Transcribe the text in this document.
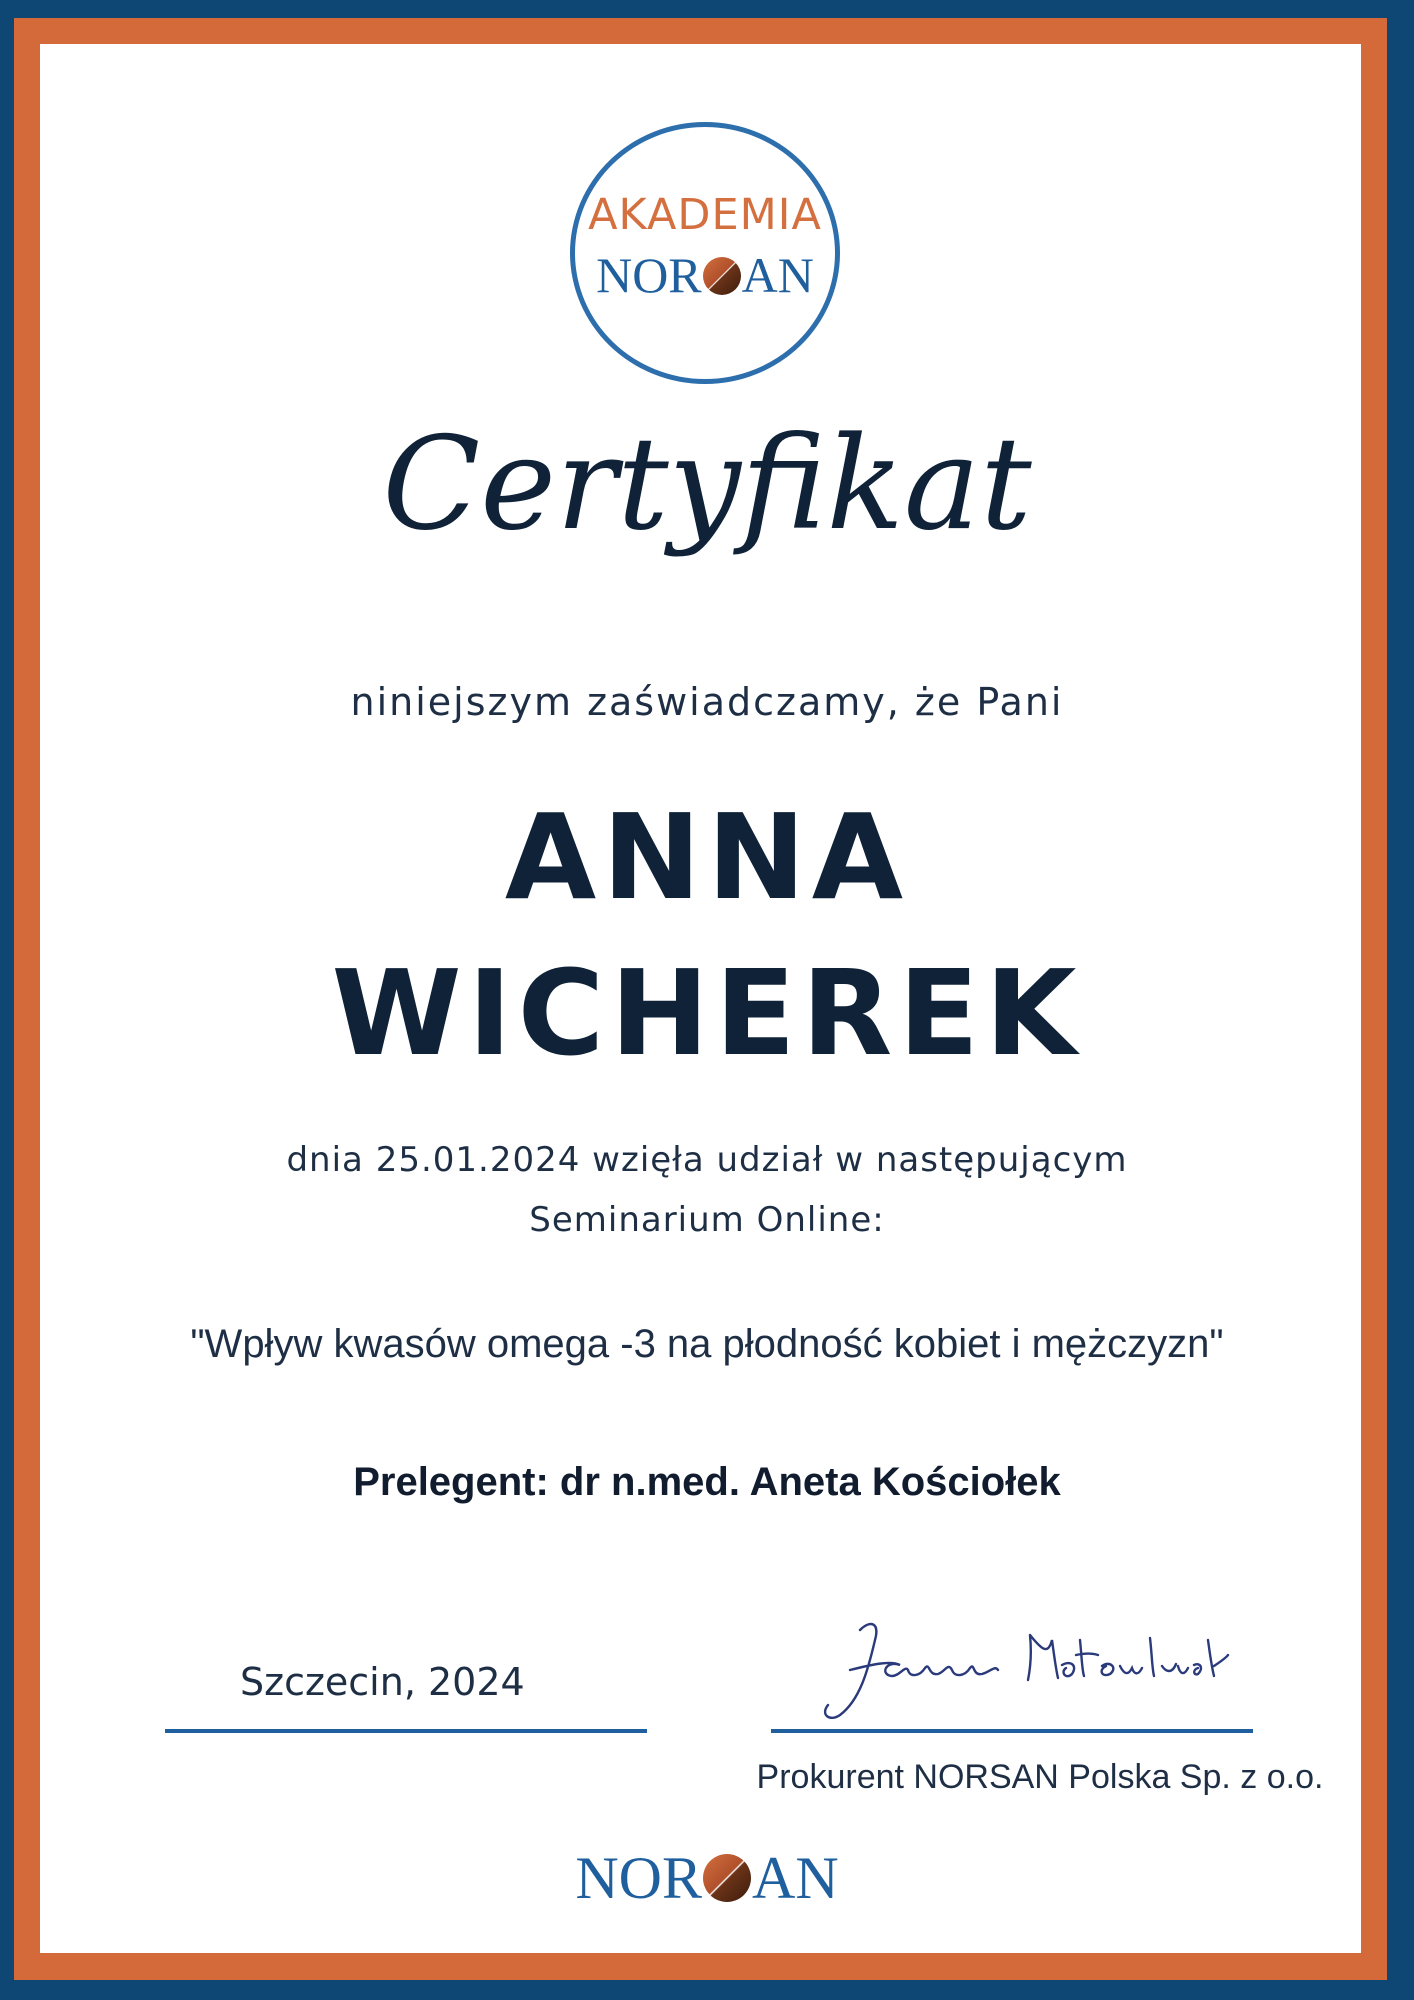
AKADEMIA
NOR AN
Certyfikat
niniejszym zaświadczamy, że Pani
ANNA
WICHEREK
dnia 25.01.2024 wzięła udział w następującym
Seminarium Online:
"Wpływ kwasów omega -3 na płodność kobiet i mężczyzn"
Prelegent: dr n.med. Aneta Kościołek
Szczecin, 2024
Prokurent NORSAN Polska Sp. z o.o.
NOR AN
